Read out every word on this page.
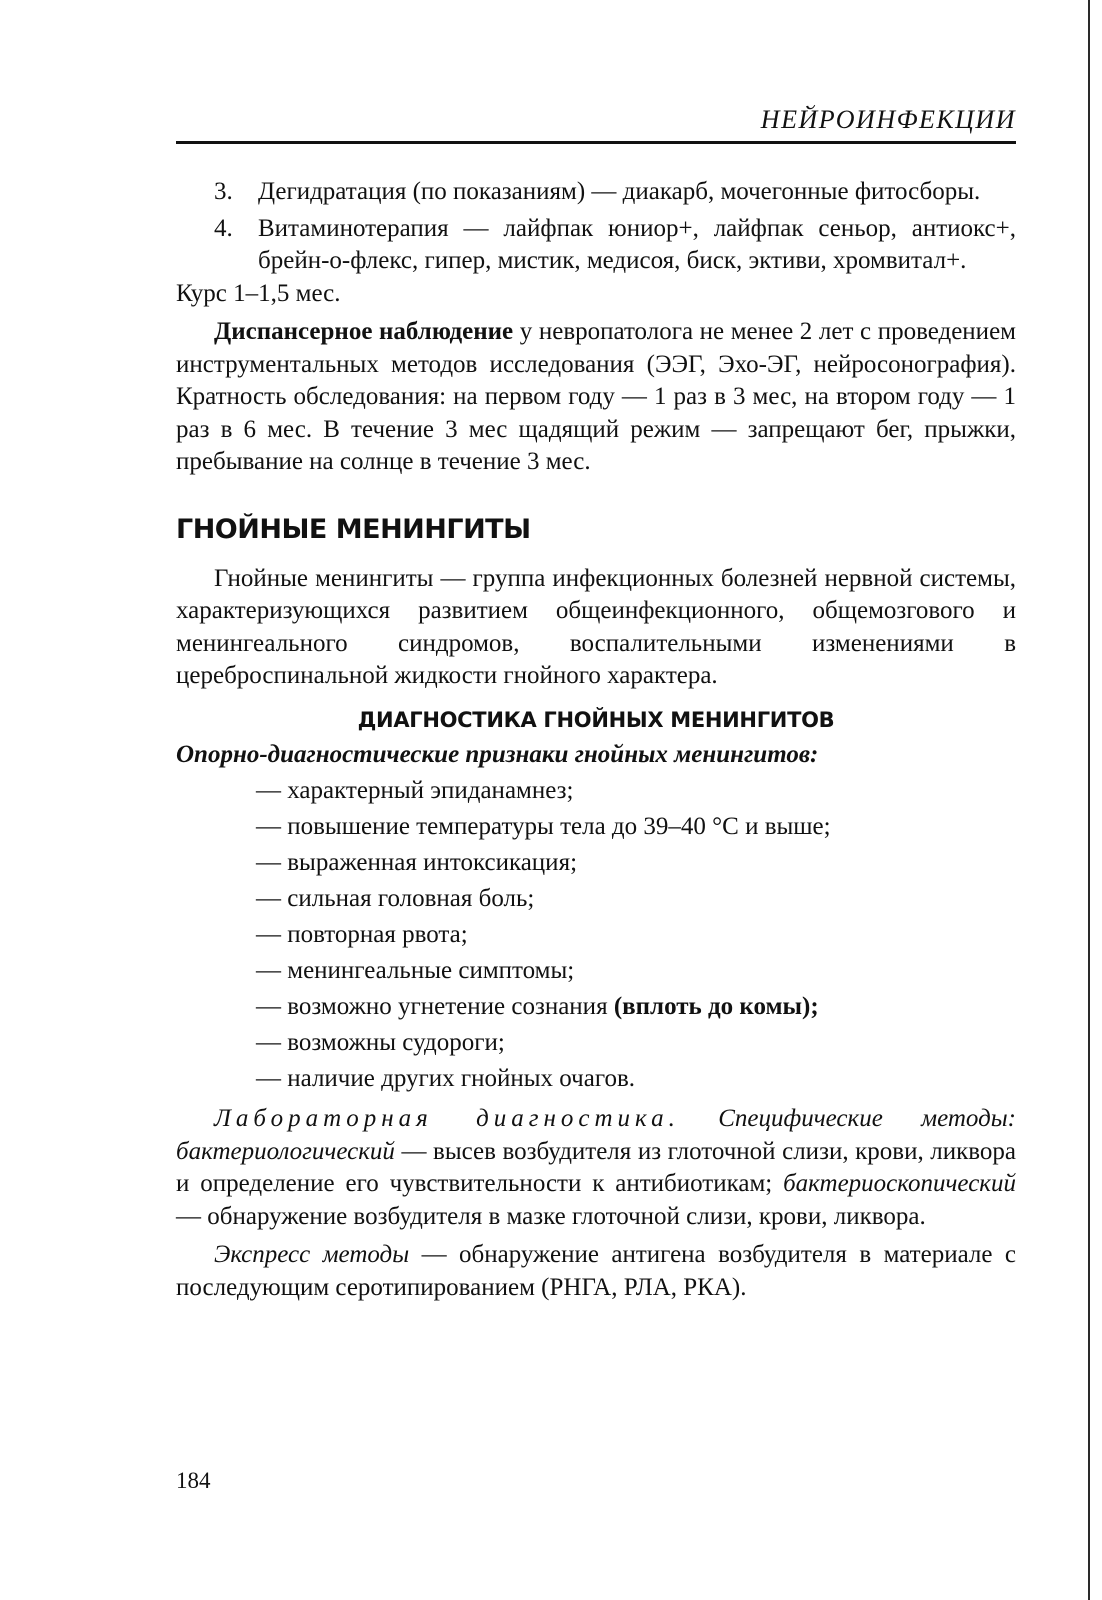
НЕЙРОИНФЕКЦИИ
3.	Дегидратация (по показаниям) — диакарб, мочегонные фитосборы.
4.	Витаминотерапия — лайфпак юниор+, лайфпак сеньор, антиокс+, брейн-о-флекс, гипер, мистик, медисоя, биск, эктиви, хромвитал+.

Курс 1–1,5 мес.

Диспансерное наблюдение у невропатолога не менее 2 лет с проведением инструментальных методов исследования (ЭЭГ, Эхо-ЭГ, нейросонография). Кратность обследования: на первом году — 1 раз в 3 мес, на втором году — 1 раз в 6 мес. В течение 3 мес щадящий режим — запрещают бег, прыжки, пребывание на солнце в течение 3 мес.

ГНОЙНЫЕ МЕНИНГИТЫ

Гнойные менингиты — группа инфекционных болезней нервной системы, характеризующихся развитием общеинфекционного, общемозгового и менингеального синдромов, воспалительными изменениями в цереброспинальной жидкости гнойного характера.

ДИАГНОСТИКА ГНОЙНЫХ МЕНИНГИТОВ

Опорно-диагностические признаки гнойных менингитов:

— характерный эпиданамнез;
— повышение температуры тела до 39–40 °С и выше;
— выраженная интоксикация;
— сильная головная боль;
— повторная рвота;
— менингеальные симптомы;
— возможно угнетение сознания (вплоть до комы);
— возможны судороги;
— наличие других гнойных очагов.

Лабораторная диагностика. Специфические методы: бактериологический — высев возбудителя из глоточной слизи, крови, ликвора и определение его чувствительности к антибиотикам; бактериоскопический — обнаружение возбудителя в мазке глоточной слизи, крови, ликвора.

Экспресс методы — обнаружение антигена возбудителя в материале с последующим серотипированием (РНГА, РЛА, РКА).

184
